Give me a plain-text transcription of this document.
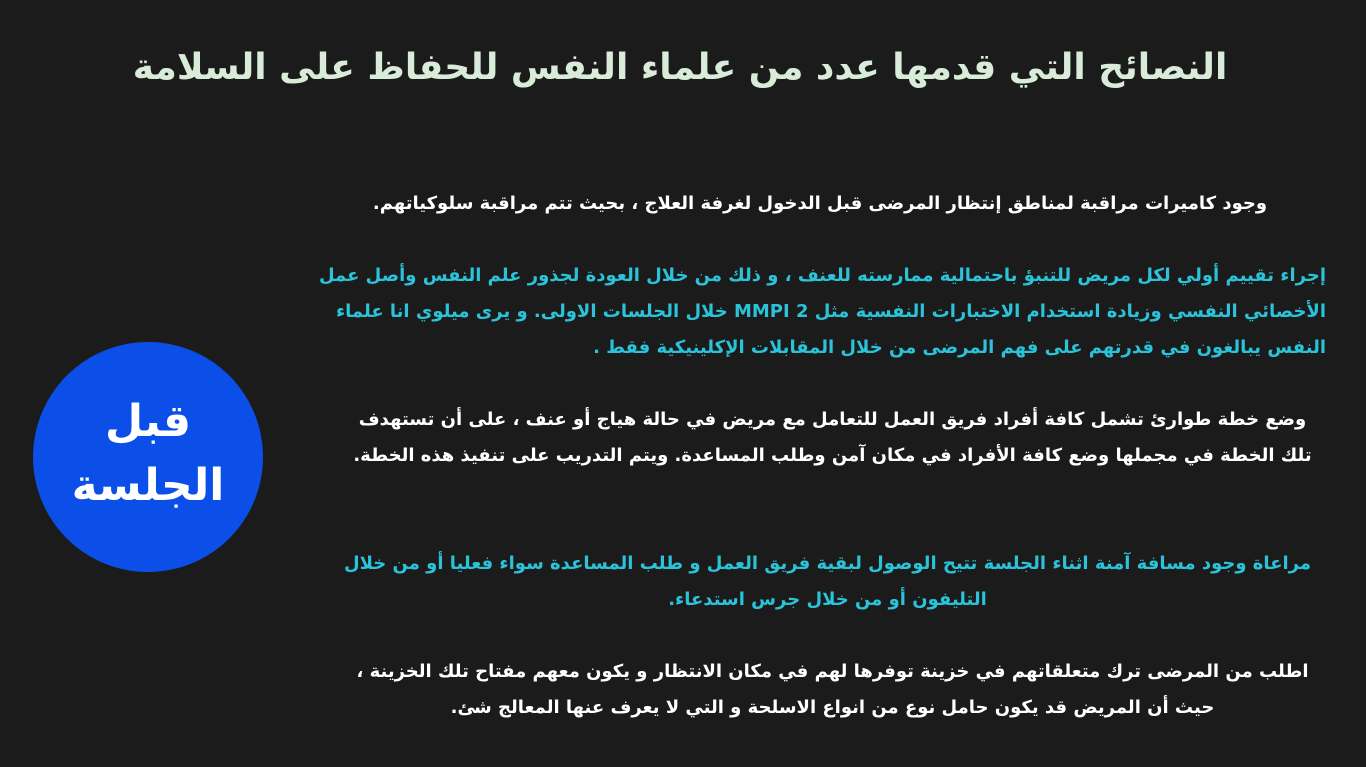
النصائح التي قدمها عدد من علماء النفس للحفاظ على السلامة
قبل
الجلسة

وجود كاميرات مراقبة لمناطق إنتظار المرضى قبل الدخول لغرفة العلاج ، بحيث تتم مراقبة سلوكياتهم.

إجراء تقييم أولي لكل مريض للتنبؤ باحتمالية ممارسته للعنف ، و ذلك من خلال العودة لجذور علم النفس وأصل عمل الأخصائي النفسي وزيادة استخدام الاختبارات النفسية مثل MMPI 2 خلال الجلسات الاولى. و يرى ميلوي انا علماء النفس يبالغون في قدرتهم على فهم المرضى من خلال المقابلات الإكلينيكية فقط .

وضع خطة طوارئ تشمل كافة أفراد فريق العمل للتعامل مع مريض في حالة هياج أو عنف ، على أن تستهدف تلك الخطة في مجملها وضع كافة الأفراد في مكان آمن وطلب المساعدة. ويتم التدريب على تنفيذ هذه الخطة.

مراعاة وجود مسافة آمنة اثناء الجلسة تتيح الوصول لبقية فريق العمل و طلب المساعدة سواء فعليا أو من خلال التليفون أو من خلال جرس استدعاء.

اطلب من المرضى ترك متعلقاتهم في خزينة توفرها لهم في مكان الانتظار و يكون معهم مفتاح تلك الخزينة ، حيث أن المريض قد يكون حامل نوع من انواع الاسلحة و التي لا يعرف عنها المعالج شئ.
